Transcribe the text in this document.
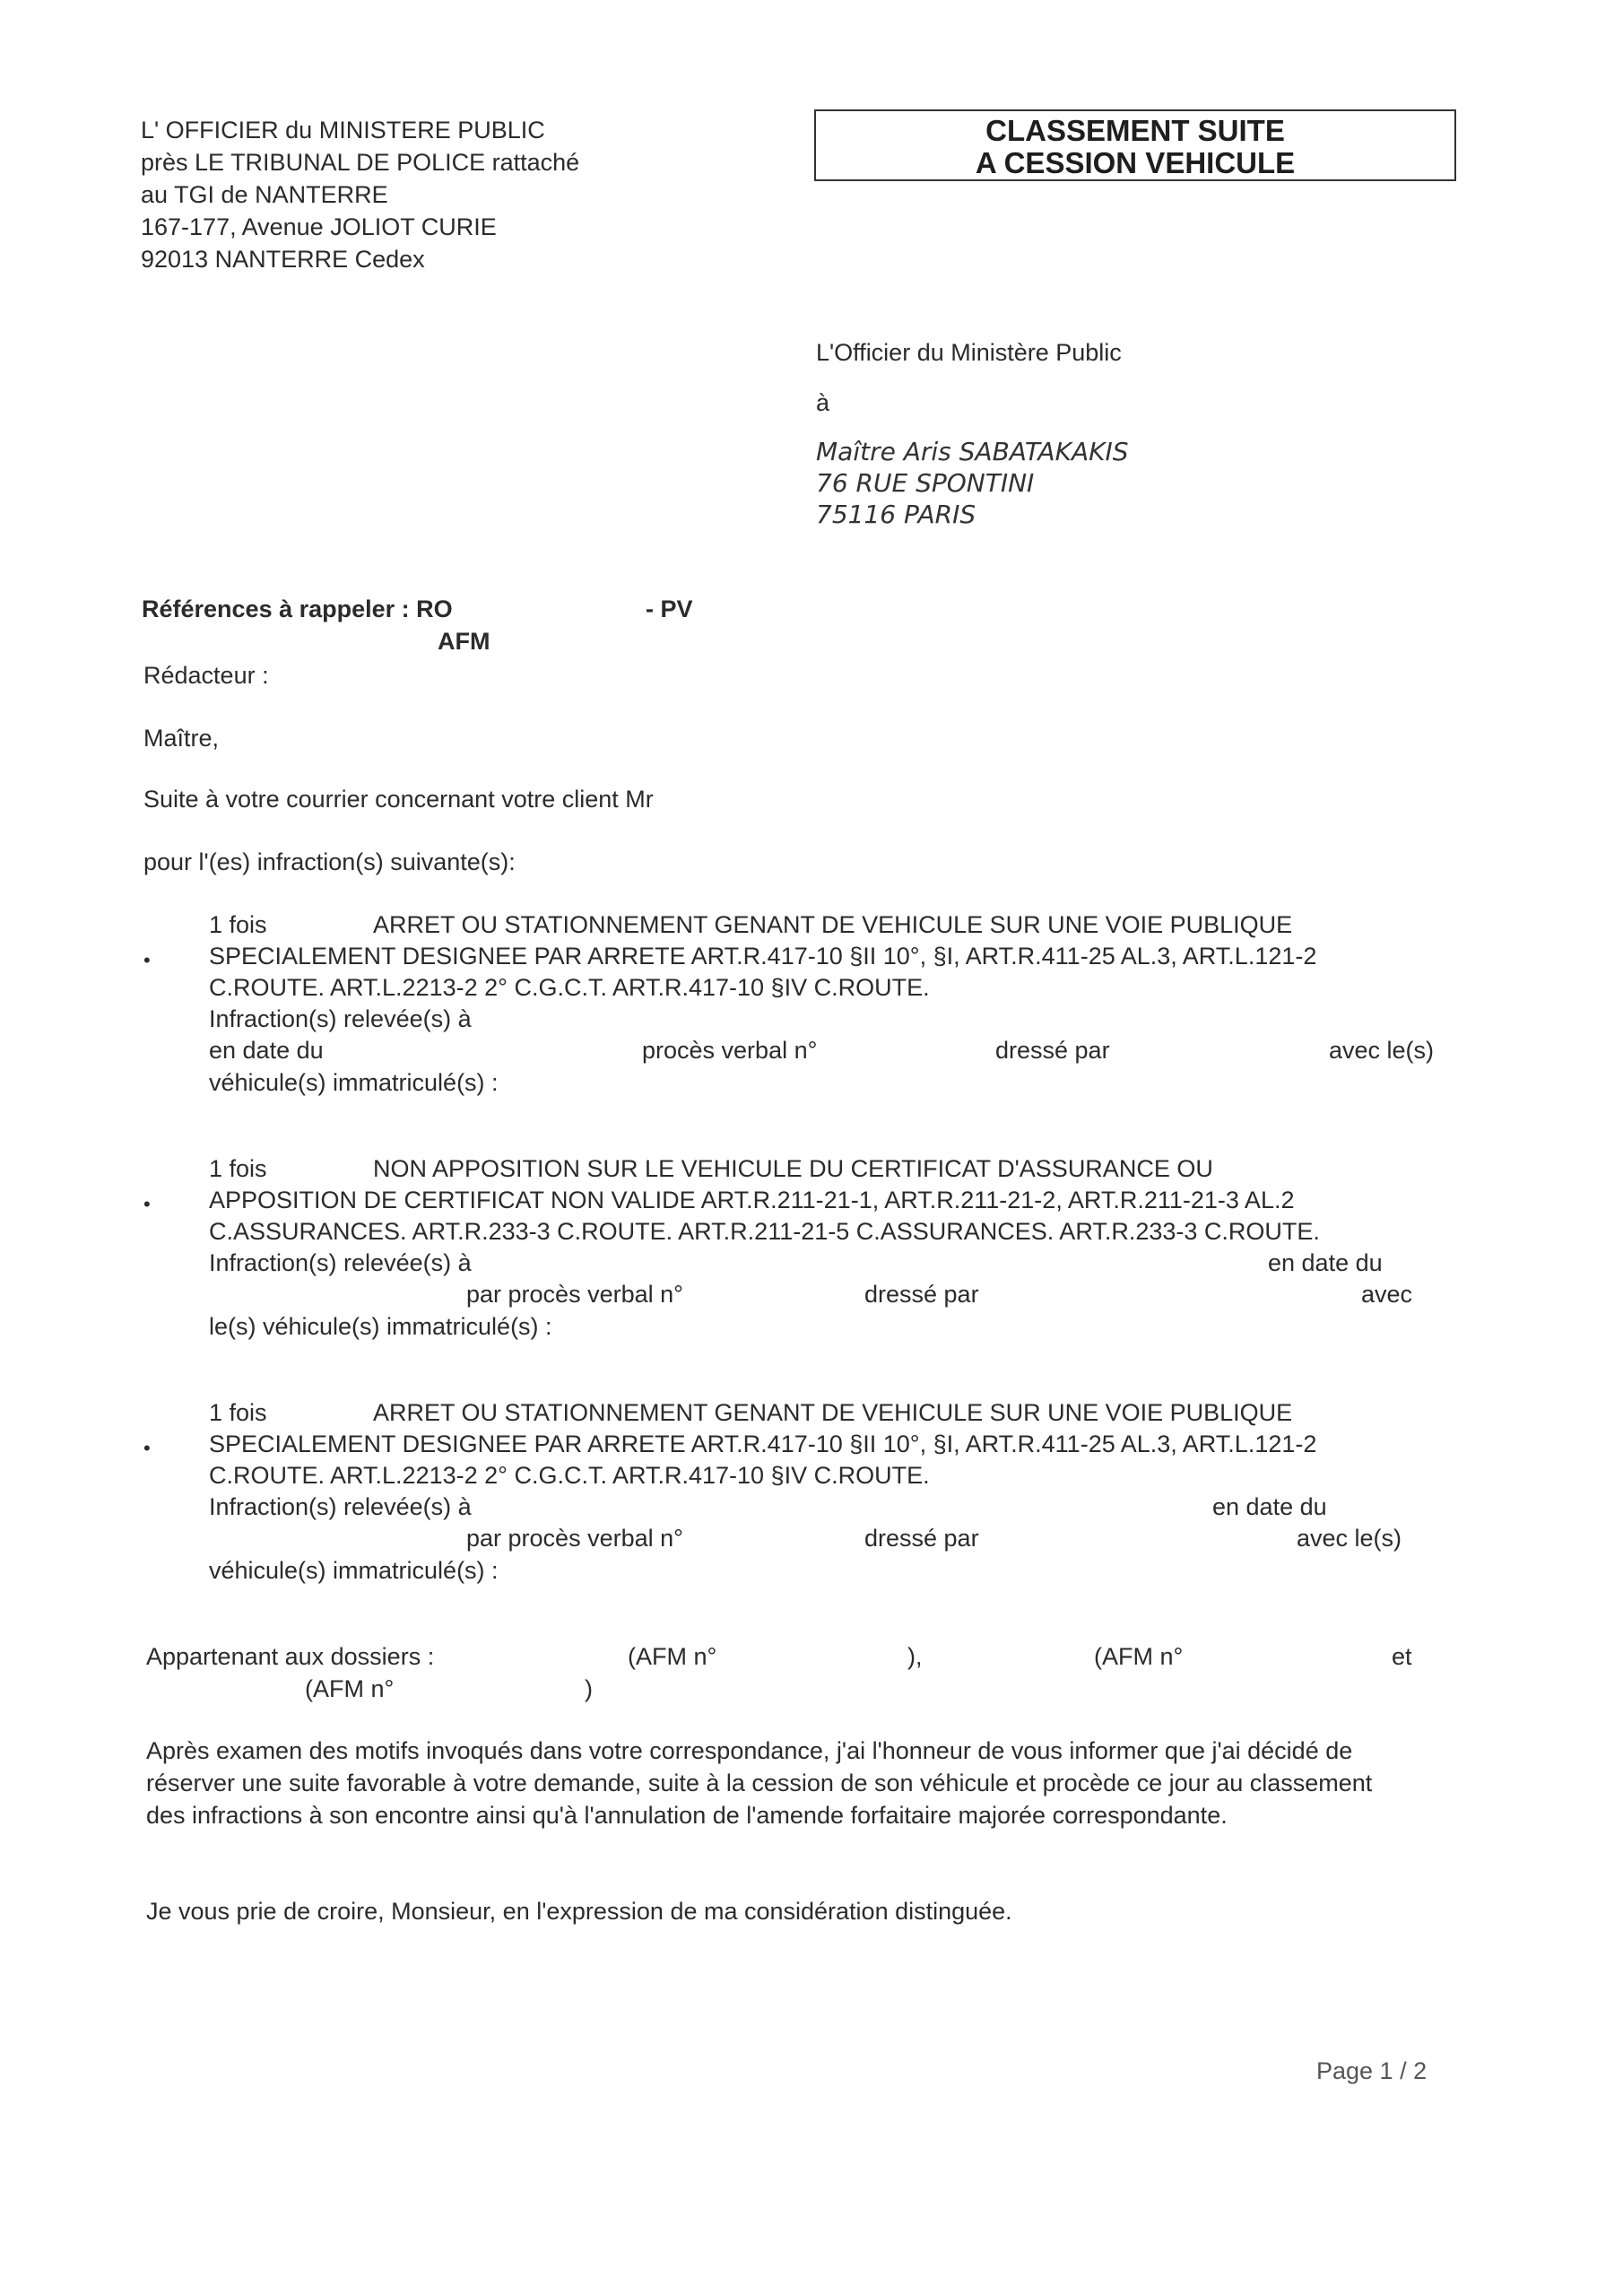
L' OFFICIER du MINISTERE PUBLIC
près LE TRIBUNAL DE POLICE rattaché
au TGI de NANTERRE
167-177, Avenue JOLIOT CURIE
92013 NANTERRE Cedex
CLASSEMENT SUITE
A CESSION VEHICULE
L'Officier du Ministère Public
à
Maître Aris SABATAKAKIS
76 RUE SPONTINI
75116 PARIS
Références à rappeler : RO	- PV
AFM
Rédacteur :
Maître,
Suite à votre courrier concernant votre client Mr
pour l'(es) infraction(s) suivante(s):
•
1 fois	ARRET OU STATIONNEMENT GENANT DE VEHICULE SUR UNE VOIE PUBLIQUE
SPECIALEMENT DESIGNEE PAR ARRETE ART.R.417-10 §II 10°, §I, ART.R.411-25 AL.3, ART.L.121-2
C.ROUTE. ART.L.2213-2 2° C.G.C.T. ART.R.417-10 §IV C.ROUTE.
Infraction(s) relevée(s) à
en date du	procès verbal n°	dressé par	avec le(s)
véhicule(s) immatriculé(s) :
•
1 fois	NON APPOSITION SUR LE VEHICULE DU CERTIFICAT D'ASSURANCE OU
APPOSITION DE CERTIFICAT NON VALIDE ART.R.211-21-1, ART.R.211-21-2, ART.R.211-21-3 AL.2
C.ASSURANCES. ART.R.233-3 C.ROUTE. ART.R.211-21-5 C.ASSURANCES. ART.R.233-3 C.ROUTE.
Infraction(s) relevée(s) à	en date du
par procès verbal n°	dressé par	avec
le(s) véhicule(s) immatriculé(s) :
•
1 fois	ARRET OU STATIONNEMENT GENANT DE VEHICULE SUR UNE VOIE PUBLIQUE
SPECIALEMENT DESIGNEE PAR ARRETE ART.R.417-10 §II 10°, §I, ART.R.411-25 AL.3, ART.L.121-2
C.ROUTE. ART.L.2213-2 2° C.G.C.T. ART.R.417-10 §IV C.ROUTE.
Infraction(s) relevée(s) à	en date du
par procès verbal n°	dressé par	avec le(s)
véhicule(s) immatriculé(s) :
Appartenant aux dossiers :	(AFM n°	),	(AFM n°	et
(AFM n°	)

Après examen des motifs invoqués dans votre correspondance, j'ai l'honneur de vous informer que j'ai décidé de réserver une suite favorable à votre demande, suite à la cession de son véhicule et procède ce jour au classement des infractions à son encontre ainsi qu'à l'annulation de l'amende forfaitaire majorée correspondante.

Je vous prie de croire, Monsieur, en l'expression de ma considération distinguée.
Page 1 / 2
